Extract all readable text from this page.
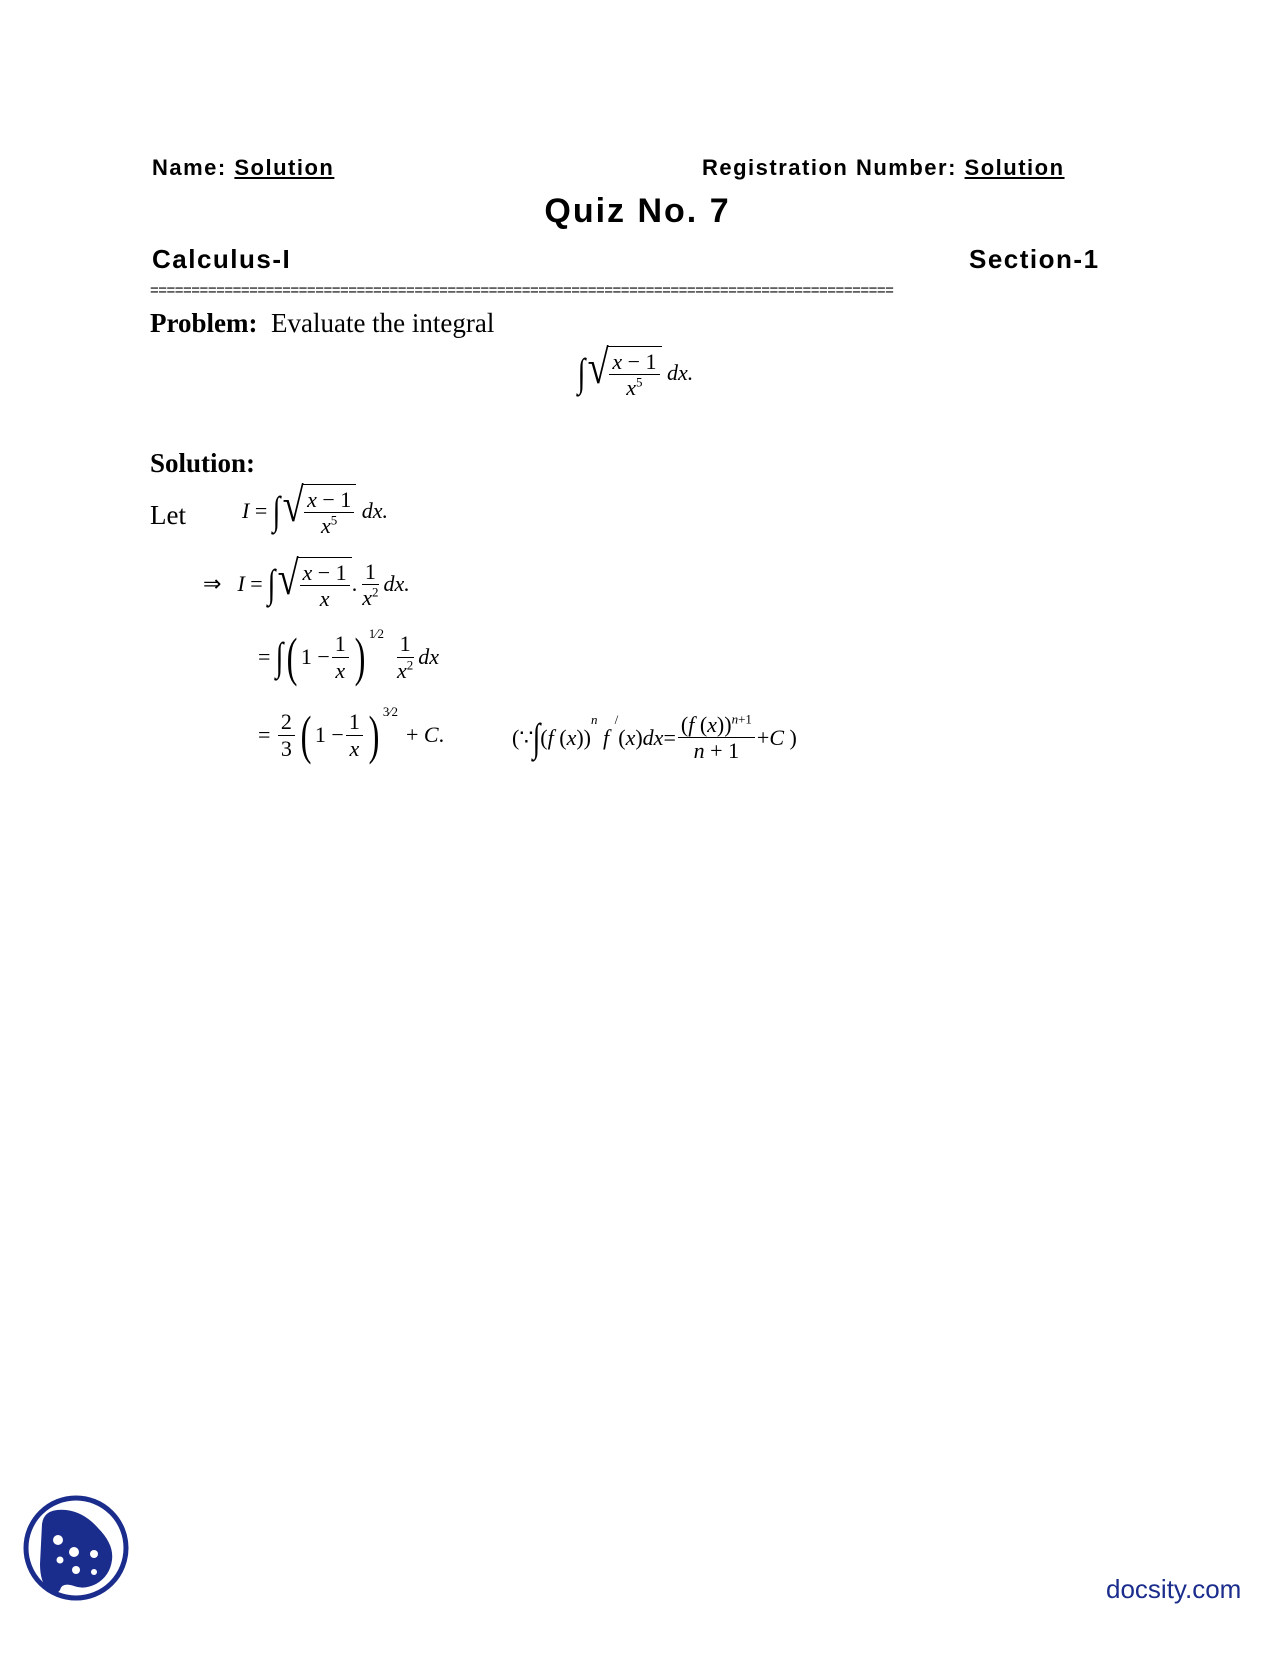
Name: Solution	Registration Number: Solution
Quiz No. 7
Calculus-I	Section-1
==========================================================================================
Problem: Evaluate the integral
∫ √ $\frac{x - 1}{x^5}$ dx.
Solution:
Let	I = ∫ √ $\frac{x - 1}{x^5}$ dx.
⇒ I = ∫ √ $\frac{x - 1}{x}$ . $\frac{1}{x^2}$ dx.
= ∫ ( $1 - \frac{1}{x}$ ) $^{1⁄2} \frac{1}{x^2}$ dx
= $\frac{2}{3}$ ( $1 - \frac{1}{x}$ ) $^{3⁄2}$
+ C .	(∵ ∫ ( f ( x ))
$^n$

f

/
( x ) dx = $\frac{(f (x))^{n+1}}{n + 1} + C$ )
docsity.com
